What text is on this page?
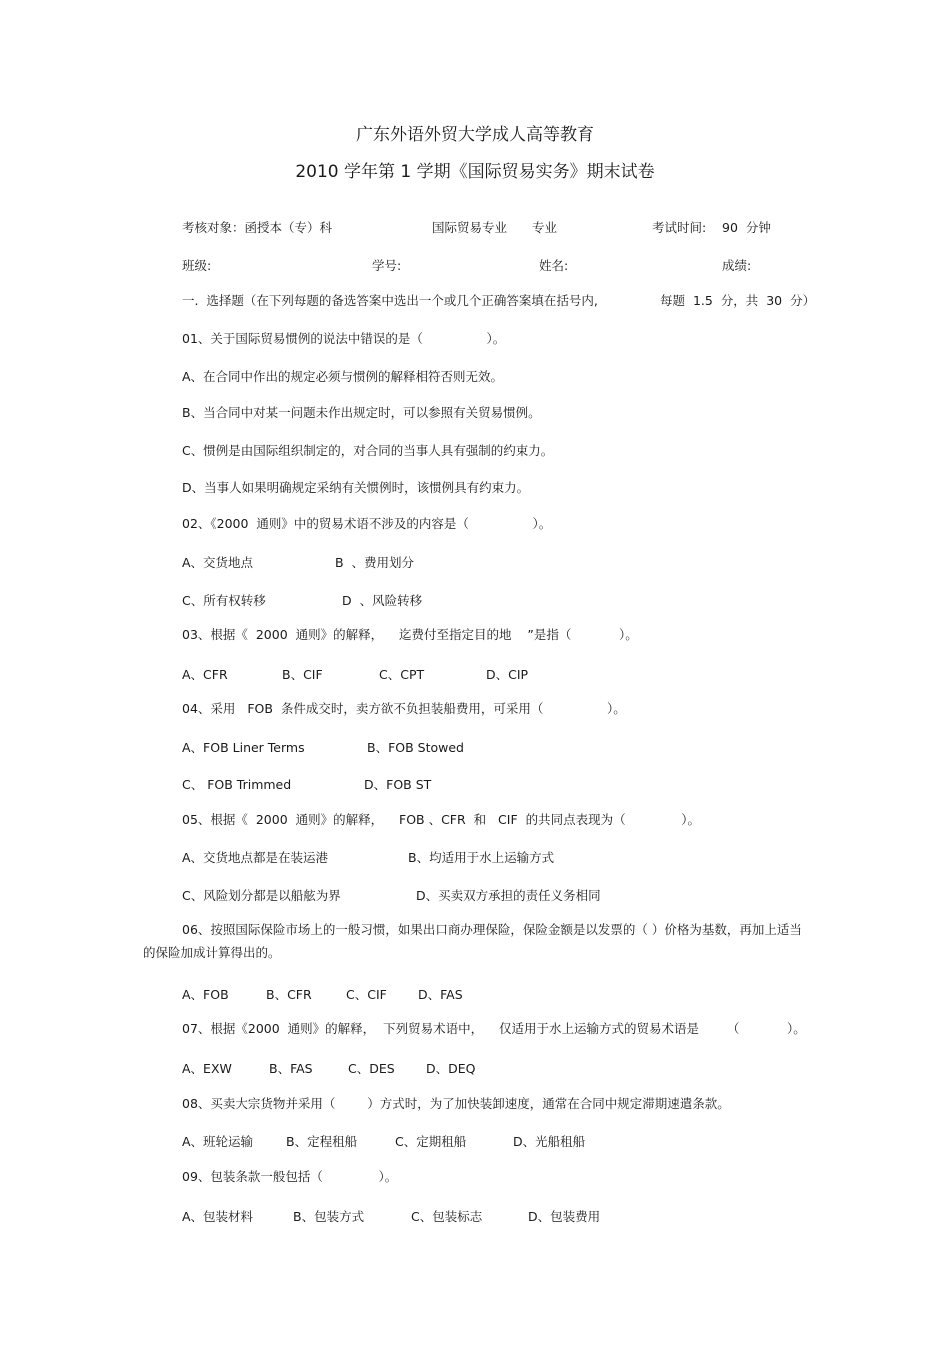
广东外语外贸大学成人高等教育
2010 学年第 1 学期《国际贸易实务》期末试卷
考核对象：函授本（专）科	国际贸易专业 专业	考试时间: 90  分钟
班级:	学号:	姓名:	成绩:
一.  选择题（在下列每题的备选答案中选出一个或几个正确答案填在括号内,	每题  1.5  分，共  30  分）
01、关于国际贸易惯例的说法中错误的是（                ）。
A、在合同中作出的规定必须与惯例的解释相符否则无效。
B、当合同中对某一问题未作出规定时，可以参照有关贸易惯例。
C、惯例是由国际组织制定的，对合同的当事人具有强制的约束力。
D、当事人如果明确规定采纳有关惯例时，该惯例具有约束力。
02、《2000  通则》中的贸易术语不涉及的内容是（                ）。
A、交货地点	B  、费用划分
C、所有权转移	D  、风险转移
03、根据《  2000  通则》的解释，    迄费付至指定目的地    ”是指（            ）。
A、CFR	B、CIF	C、CPT	D、CIP
04、采用   FOB  条件成交时，卖方欲不负担装船费用，可采用（                ）。
A、FOB Liner Terms	B、FOB Stowed
C、 FOB Trimmed	D、FOB ST
05、根据《  2000  通则》的解释，    FOB 、CFR  和   CIF  的共同点表现为（              ）。
A、交货地点都是在装运港	B、均适用于水上运输方式
C、风险划分都是以船舷为界	D、买卖双方承担的责任义务相同
06、按照国际保险市场上的一般习惯，如果出口商办理保险，保险金额是以发票的（ ）价格为基数，再加上适当的保险加成计算得出的。
A、FOB	B、CFR	C、CIF D、FAS
07、根据《2000  通则》的解释，  下列贸易术语中，    仅适用于水上运输方式的贸易术语是       （            ）。
A、EXW	B、FAS	C、DES	D、DEQ
08、买卖大宗货物并采用（        ）方式时，为了加快装卸速度，通常在合同中规定滞期速遣条款。
A、班轮运输	B、定程租船	C、定期租船	D、光船租船
09、包装条款一般包括（              ）。
A、包装材料	B、包装方式	C、包装标志	D、包装费用
